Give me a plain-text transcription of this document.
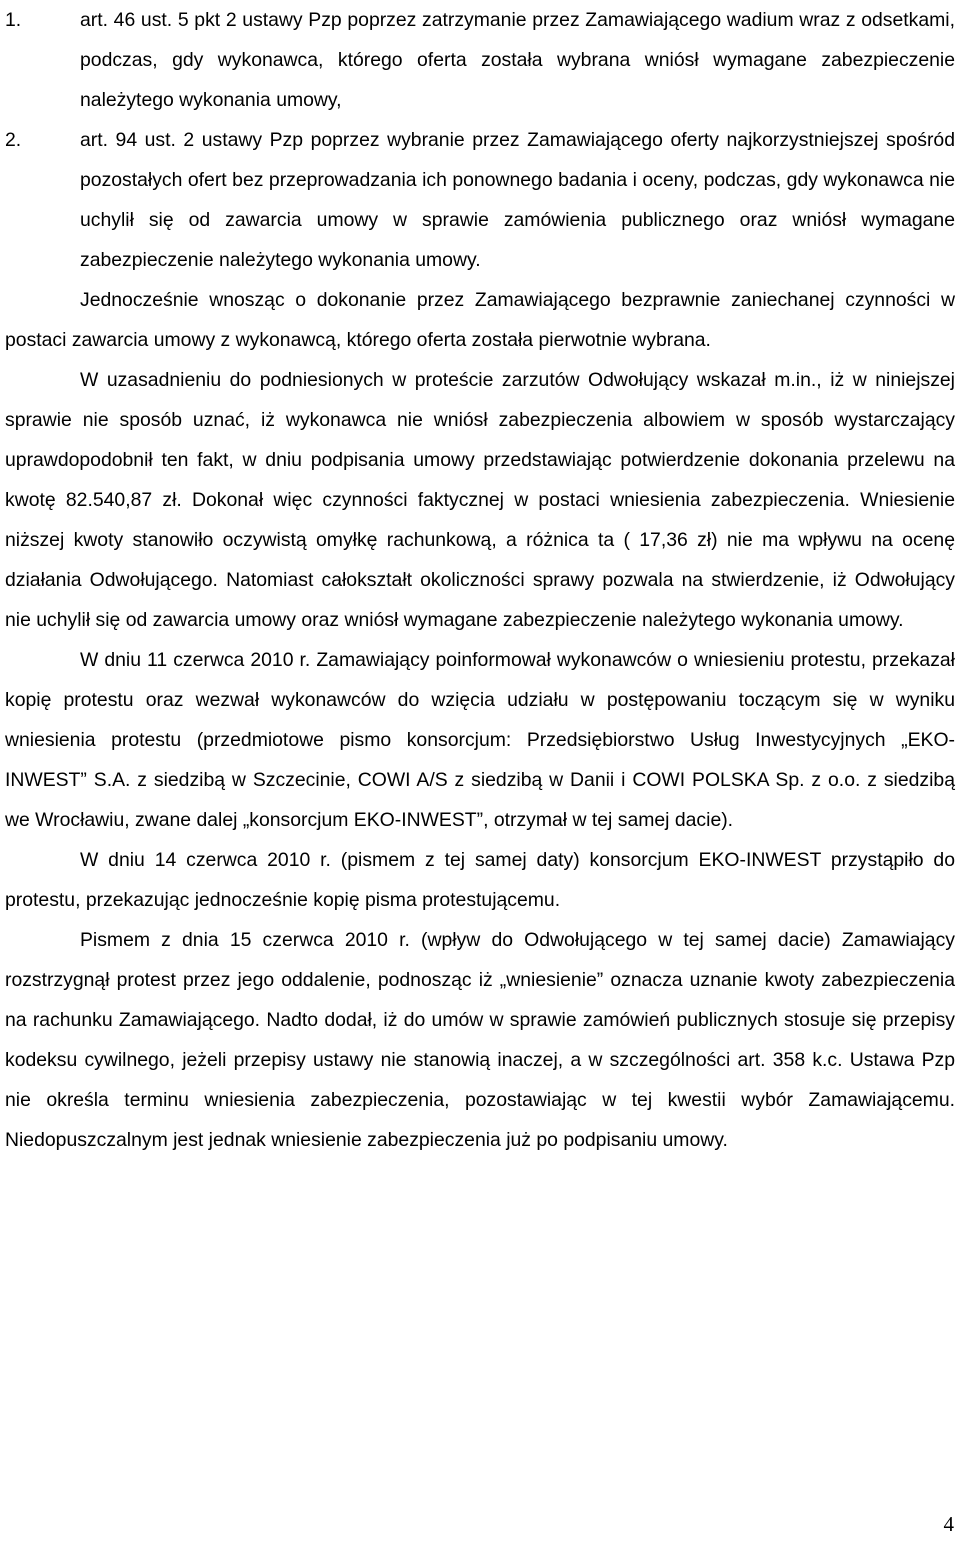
1.	art. 46 ust. 5 pkt 2 ustawy Pzp poprzez zatrzymanie przez Zamawiającego wadium wraz z odsetkami, podczas, gdy wykonawca, którego oferta została wybrana wniósł wymagane zabezpieczenie należytego wykonania umowy,
2.	art. 94 ust. 2 ustawy Pzp poprzez wybranie przez Zamawiającego oferty najkorzystniejszej spośród pozostałych ofert bez przeprowadzania ich ponownego badania i oceny, podczas, gdy wykonawca nie uchylił się od zawarcia umowy w sprawie zamówienia publicznego oraz wniósł wymagane zabezpieczenie należytego wykonania umowy.

Jednocześnie wnosząc o dokonanie przez Zamawiającego bezprawnie zaniechanej czynności w postaci zawarcia umowy z wykonawcą, którego oferta została pierwotnie wybrana.

W uzasadnieniu do podniesionych w proteście zarzutów Odwołujący wskazał m.in., iż w niniejszej sprawie nie sposób uznać, iż wykonawca nie wniósł zabezpieczenia albowiem w sposób wystarczający uprawdopodobnił ten fakt, w dniu podpisania umowy przedstawiając potwierdzenie dokonania przelewu na kwotę 82.540,87 zł. Dokonał więc czynności faktycznej w postaci wniesienia zabezpieczenia. Wniesienie niższej kwoty stanowiło oczywistą omyłkę rachunkową, a różnica ta ( 17,36 zł) nie ma wpływu na ocenę działania Odwołującego. Natomiast całokształt okoliczności sprawy pozwala na stwierdzenie, iż Odwołujący nie uchylił się od zawarcia umowy oraz wniósł wymagane zabezpieczenie należytego wykonania umowy.

W dniu 11 czerwca 2010 r. Zamawiający poinformował wykonawców o wniesieniu protestu, przekazał kopię protestu oraz wezwał wykonawców do wzięcia udziału w postępowaniu toczącym się w wyniku wniesienia protestu (przedmiotowe pismo konsorcjum: Przedsiębiorstwo Usług Inwestycyjnych „EKO-INWEST” S.A. z siedzibą w Szczecinie, COWI A/S z siedzibą w Danii i COWI POLSKA Sp. z o.o. z siedzibą we Wrocławiu, zwane dalej „konsorcjum EKO-INWEST”, otrzymał w tej samej dacie).

W dniu 14 czerwca 2010 r. (pismem z tej samej daty) konsorcjum EKO-INWEST przystąpiło do protestu, przekazując jednocześnie kopię pisma protestującemu.

Pismem z dnia 15 czerwca 2010 r. (wpływ do Odwołującego w tej samej dacie) Zamawiający rozstrzygnął protest przez jego oddalenie, podnosząc iż „wniesienie” oznacza uznanie kwoty zabezpieczenia na rachunku Zamawiającego. Nadto dodał, iż do umów w sprawie zamówień publicznych stosuje się przepisy kodeksu cywilnego, jeżeli przepisy ustawy nie stanowią inaczej, a w szczególności art. 358 k.c. Ustawa Pzp nie określa terminu wniesienia zabezpieczenia, pozostawiając w tej kwestii wybór Zamawiającemu. Niedopuszczalnym jest jednak wniesienie zabezpieczenia już po podpisaniu umowy.

4
